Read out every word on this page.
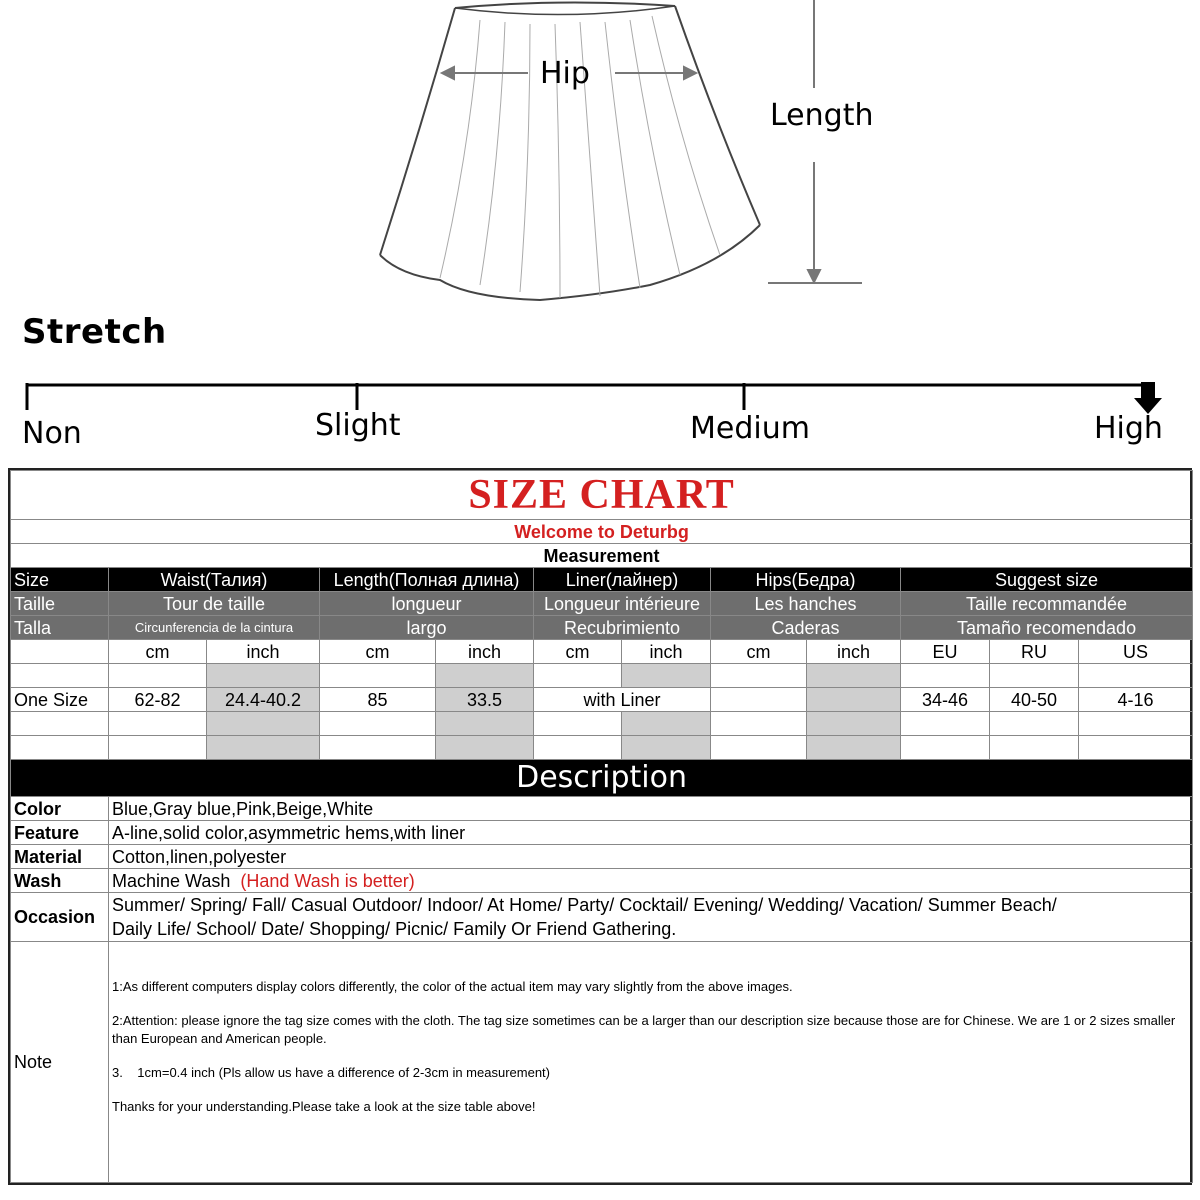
Hip
Length
Stretch
Non	Slight	Medium	High
SIZE CHART											
Welcome to Deturbg											
Measurement											
Size	Waist(Талия)		Length(Полная длина)		Liner(лайнер)		Hips(Бедра)		Suggest size		
Taille	Tour de taille		longueur		Longueur intérieure		Les hanches		Taille recommandée		
Talla	Circunferencia de la cintura		largo		Recubrimiento		Caderas		Tamaño recomendado		
	cm	inch	cm	inch	cm	inch	cm	inch	EU	RU	US

One Size	62-82	24.4-40.2	85	33.5	with Liner				34-46	40-50	4-16

Description											
Color	Blue,Gray blue,Pink,Beige,White										
Feature	A-line,solid color,asymmetric hems,with liner										
Material	Cotton,linen,polyester										
Wash	Machine Wash (Hand Wash is better)										
Occasion	Summer/ Spring/ Fall/ Casual Outdoor/ Indoor/ At Home/ Party/ Cocktail/ Evening/ Wedding/ Vacation/ Summer Beach/
Daily Life/ School/ Date/ Shopping/ Picnic/ Family Or Friend Gathering.										

Note	1:As different computers display colors differently, the color of the actual item may vary slightly from the above images.

2:Attention: please ignore the tag size comes with the cloth. The tag size sometimes can be a larger than our description size because those are for Chinese. We are 1 or 2 sizes smaller than European and American people.

3.    1cm=0.4 inch (Pls allow us have a difference of 2-3cm in measurement)

Thanks for your understanding.Please take a look at the size table above!										
